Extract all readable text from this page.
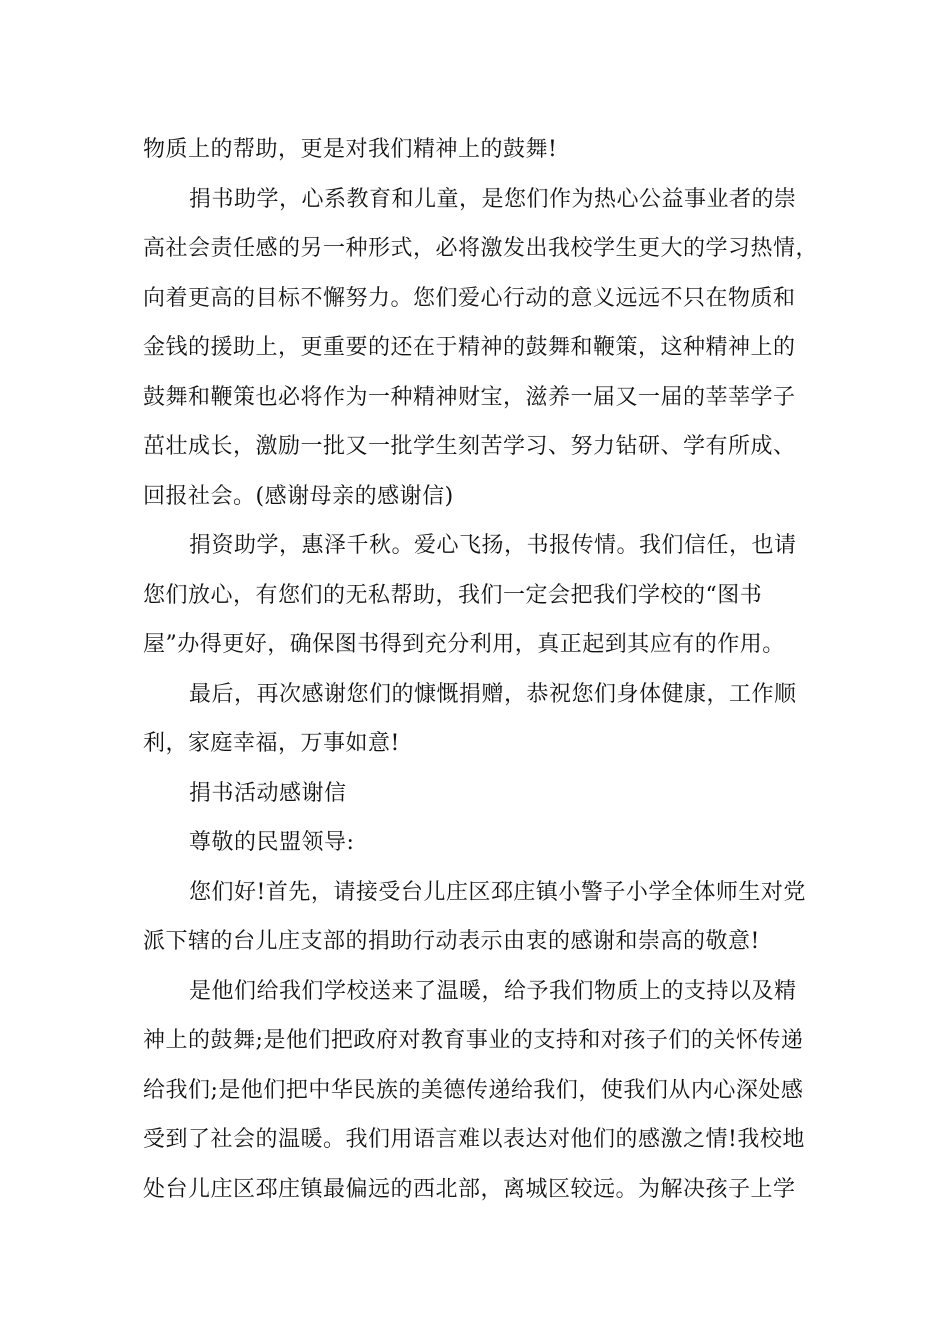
物质上的帮助，更是对我们精神上的鼓舞!
捐书助学，心系教育和儿童，是您们作为热心公益事业者的崇
高社会责任感的另一种形式，必将激发出我校学生更大的学习热情，
向着更高的目标不懈努力。您们爱心行动的意义远远不只在物质和
金钱的援助上，更重要的还在于精神的鼓舞和鞭策，这种精神上的
鼓舞和鞭策也必将作为一种精神财宝，滋养一届又一届的莘莘学子
茁壮成长，激励一批又一批学生刻苦学习、努力钻研、学有所成、
回报社会。(感谢母亲的感谢信)
捐资助学，惠泽千秋。爱心飞扬，书报传情。我们信任，也请
您们放心，有您们的无私帮助，我们一定会把我们学校的“图书
屋”办得更好，确保图书得到充分利用，真正起到其应有的作用。
最后，再次感谢您们的慷慨捐赠，恭祝您们身体健康，工作顺
利，家庭幸福，万事如意!
捐书活动感谢信
尊敬的民盟领导:
您们好!首先，请接受台儿庄区邳庄镇小警子小学全体师生对党
派下辖的台儿庄支部的捐助行动表示由衷的感谢和崇高的敬意!
是他们给我们学校送来了温暖，给予我们物质上的支持以及精
神上的鼓舞;是他们把政府对教育事业的支持和对孩子们的关怀传递
给我们;是他们把中华民族的美德传递给我们，使我们从内心深处感
受到了社会的温暖。我们用语言难以表达对他们的感激之情!我校地
处台儿庄区邳庄镇最偏远的西北部，离城区较远。为解决孩子上学
